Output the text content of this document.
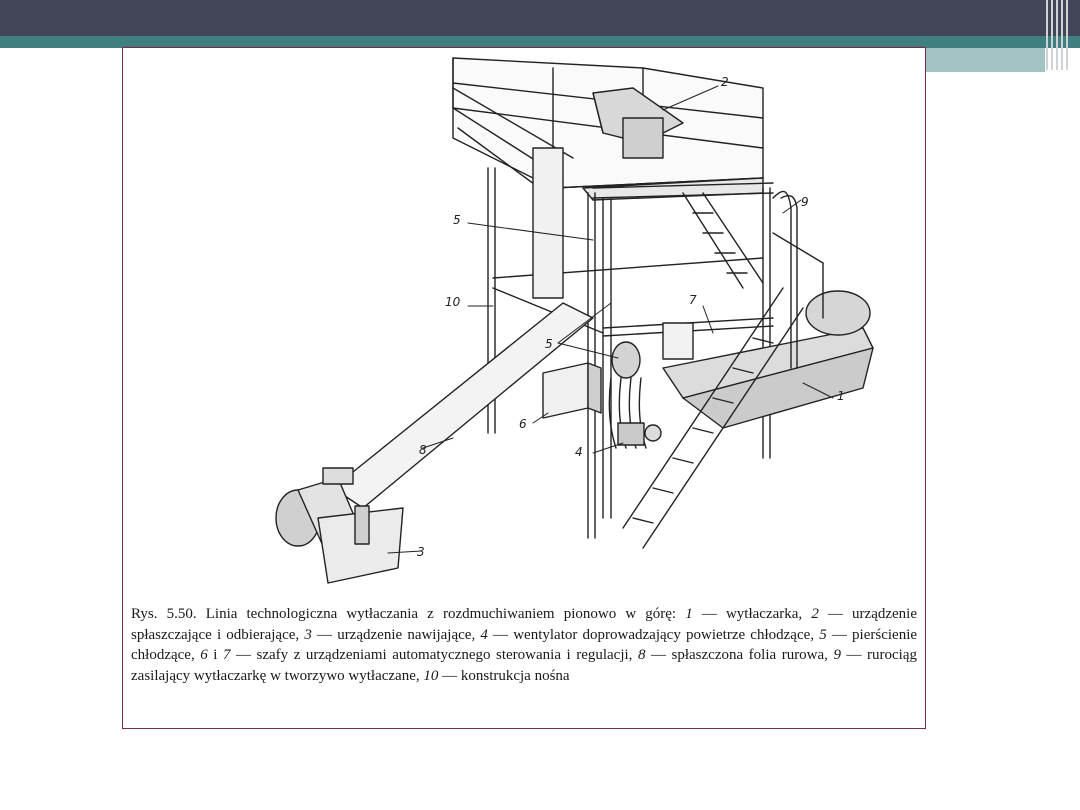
2
1
3
4
5
5
6
7
8
9
10
Rys. 5.50. Linia technologiczna wytłaczania z rozdmuchiwaniem pionowo w górę: 1 — wytłaczarka, 2 — urządzenie spłaszczające i odbierające, 3 — urządzenie nawijające, 4 — wentylator doprowadzający powietrze chłodzące, 5 — pierścienie chłodzące, 6 i 7 — szafy z urządzeniami automatycznego sterowania i regulacji, 8 — spłaszczona folia rurowa, 9 — rurociąg zasilający wytłaczarkę w tworzywo wytłaczane, 10 — konstrukcja nośna
